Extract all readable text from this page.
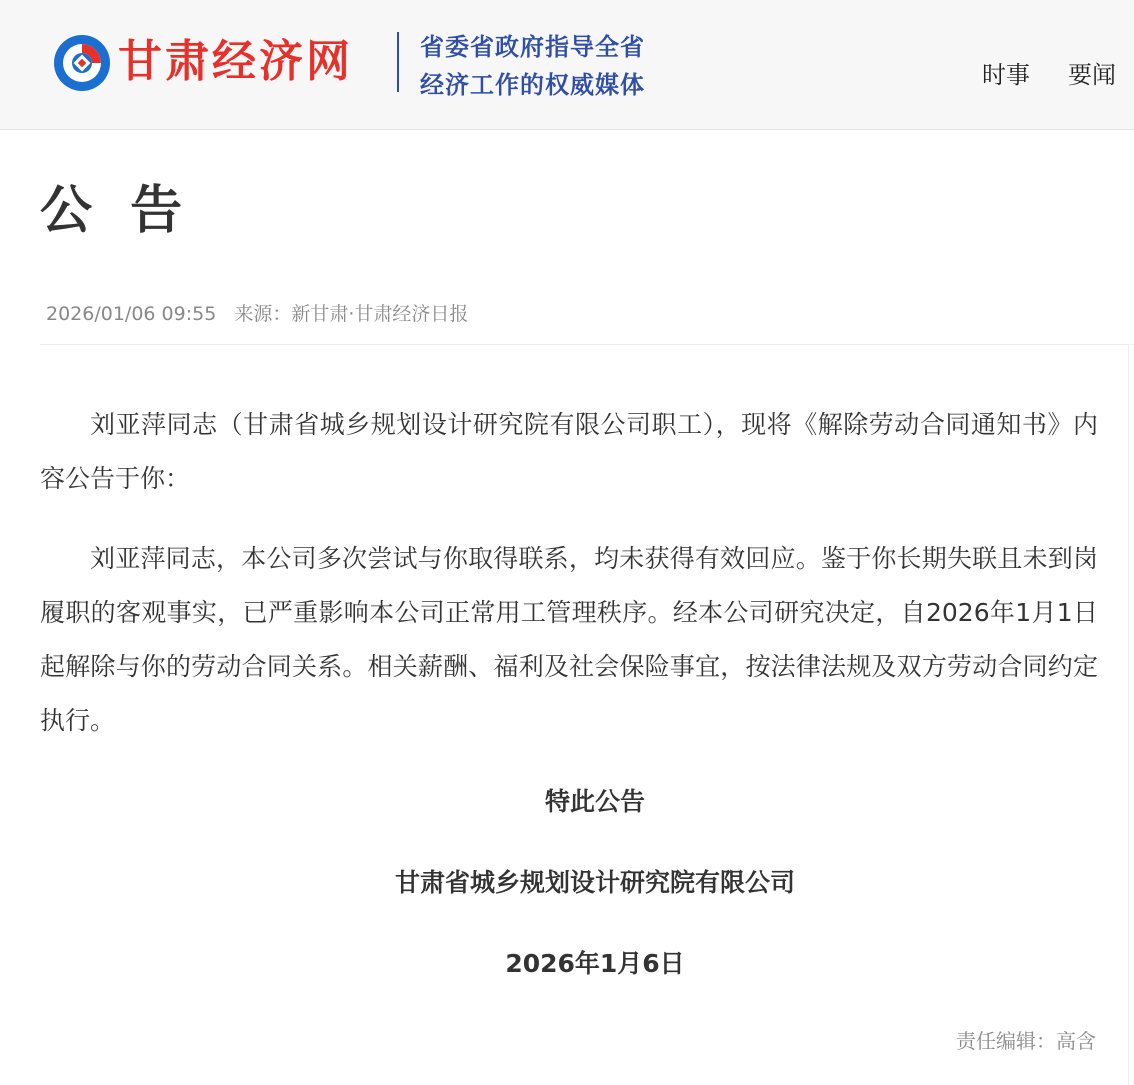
甘肃经济网	省委省政府指导全省
经济工作的权威媒体	时事 要闻
公 告
2026/01/06 09:55 来源：新甘肃·甘肃经济日报

刘亚萍同志（甘肃省城乡规划设计研究院有限公司职工），现将《解除劳动合同通知书》内容公告于你：

刘亚萍同志，本公司多次尝试与你取得联系，均未获得有效回应。鉴于你长期失联且未到岗履职的客观事实，已严重影响本公司正常用工管理秩序。经本公司研究决定，自2026年1月1日起解除与你的劳动合同关系。相关薪酬、福利及社会保险事宜，按法律法规及双方劳动合同约定执行。

特此公告
甘肃省城乡规划设计研究院有限公司
2026年1月6日
责任编辑：高含
